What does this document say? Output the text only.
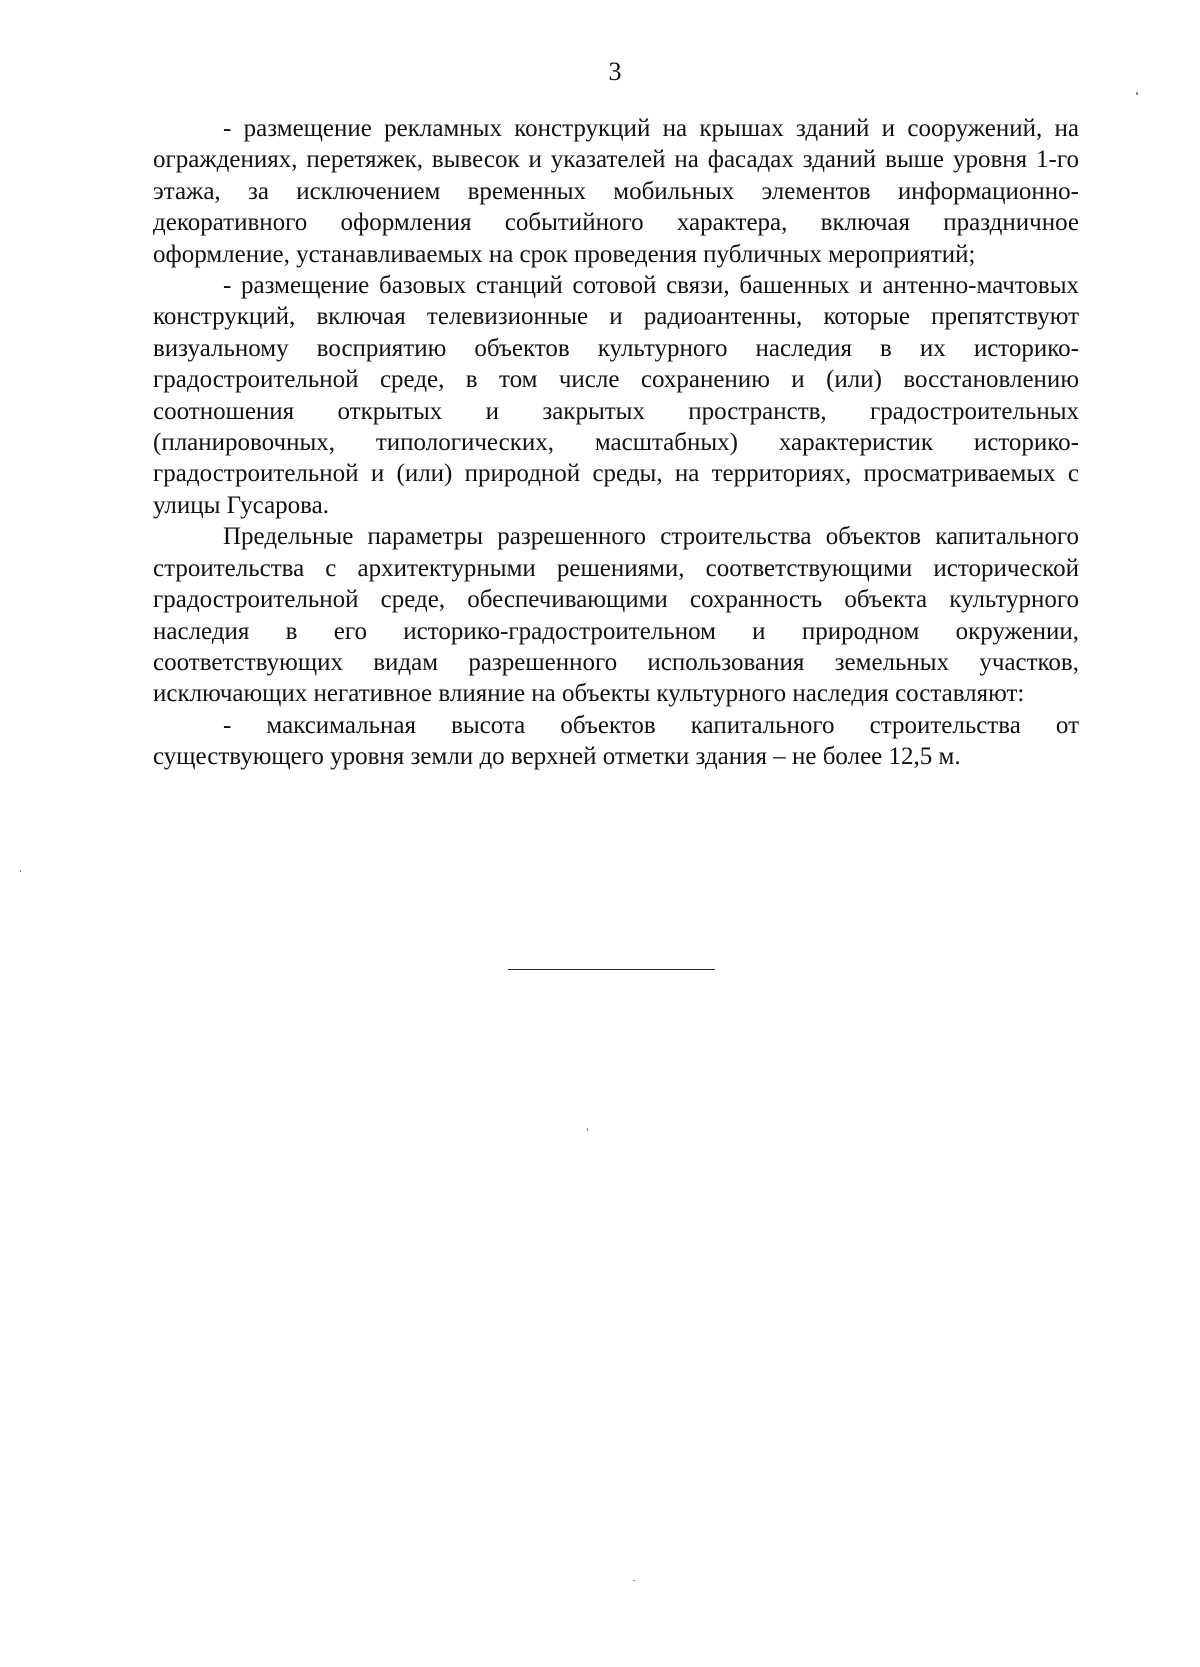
3

- размещение рекламных конструкций на крышах зданий и сооружений, на ограждениях, перетяжек, вывесок и указателей на фасадах зданий выше уровня 1-го этажа, за исключением временных мобильных элементов информационно-декоративного оформления событийного характера, включая праздничное оформление, устанавливаемых на срок проведения публичных мероприятий;

- размещение базовых станций сотовой связи, башенных и антенно-мачтовых конструкций, включая телевизионные и радиоантенны, которые препятствуют визуальному восприятию объектов культурного наследия в их историко-градостроительной среде, в том числе сохранению и (или) восстановлению соотношения открытых и закрытых пространств, градостроительных (планировочных, типологических, масштабных) характеристик историко-градостроительной и (или) природной среды, на территориях, просматриваемых с улицы Гусарова.

Предельные параметры разрешенного строительства объектов капитального строительства с архитектурными решениями, соответствующими исторической градостроительной среде, обеспечивающими сохранность объекта культурного наследия в его историко-градостроительном и природном окружении, соответствующих видам разрешенного использования земельных участков, исключающих негативное влияние на объекты культурного наследия составляют:

- максимальная высота объектов капитального строительства от существующего уровня земли до верхней отметки здания – не более 12,5 м.
